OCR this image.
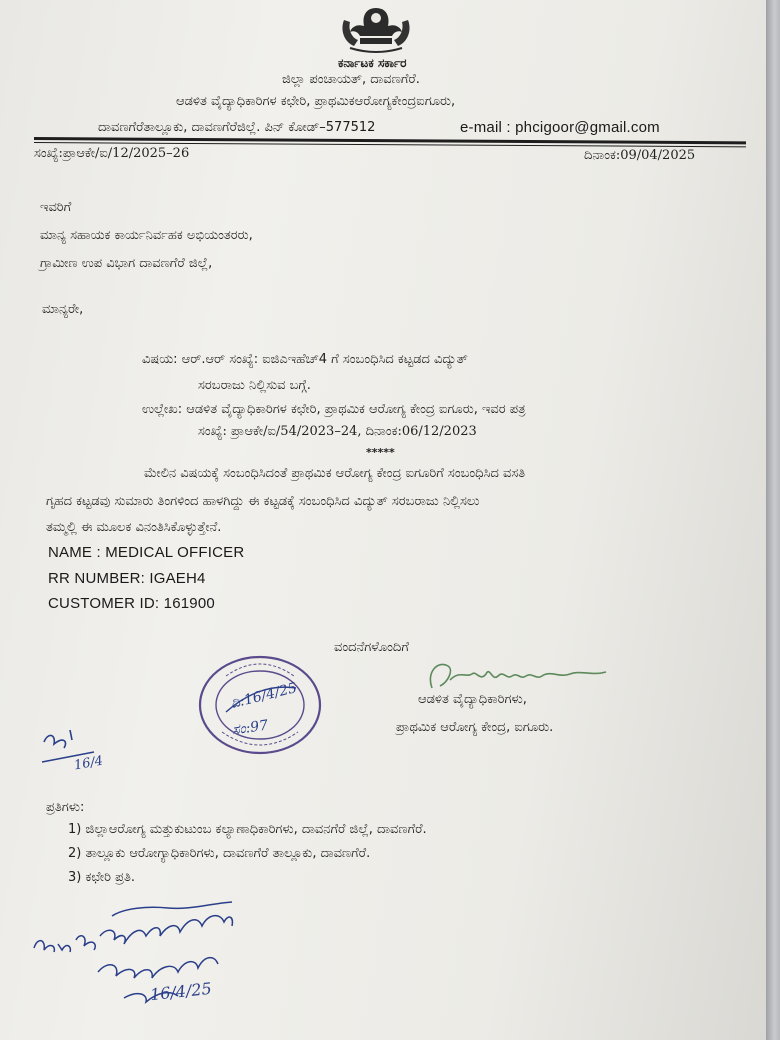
ಕರ್ನಾಟಕ ಸರ್ಕಾರ
ಜಿಲ್ಲಾ ಪಂಚಾಯತ್, ದಾವಣಗೆರೆ.
ಆಡಳಿತ ವೈದ್ಯಾಧಿಕಾರಿಗಳ ಕಛೇರಿ, ಪ್ರಾಥಮಿಕಆರೋಗ್ಯಕೇಂದ್ರಐಗೂರು,
ದಾವಣಗೆರೆತಾಲ್ಲೂಕು, ದಾವಣಗೆರೆಜಿಲ್ಲೆ. ಪಿನ್ ಕೋಡ್–577512	e-mail : phcigoor@gmail.com
ಸಂಖ್ಯೆ:ಪ್ರಾಆಕೇ/ಐ/12/2025–26	ದಿನಾಂಕ:09/04/2025
ಇವರಿಗೆ
ಮಾನ್ಯ ಸಹಾಯಕ ಕಾರ್ಯನಿರ್ವಹಕ ಅಭಿಯಂತರರು,
ಗ್ರಾಮೀಣ ಉಪ ವಿಭಾಗ ದಾವಣಗೆರೆ ಜಿಲ್ಲೆ,
ಮಾನ್ಯರೇ,
ವಿಷಯ: ಆರ್.ಆರ್ ಸಂಖ್ಯೆ: ಐಜಿಎಇಹೆಚ್4 ಗೆ ಸಂಬಂಧಿಸಿದ ಕಟ್ಟಡದ ವಿದ್ಯುತ್
ಸರಬರಾಜು ನಿಲ್ಲಿಸುವ ಬಗ್ಗೆ.
ಉಲ್ಲೇಖ: ಆಡಳಿತ ವೈದ್ಯಾಧಿಕಾರಿಗಳ ಕಛೇರಿ, ಪ್ರಾಥಮಿಕ ಆರೋಗ್ಯ ಕೇಂದ್ರ ಐಗೂರು, ಇವರ ಪತ್ರ
ಸಂಖ್ಯೆ: ಪ್ರಾಆಕೇ/ಐ/54/2023–24, ದಿನಾಂಕ:06/12/2023
*****
ಮೇಲಿನ ವಿಷಯಕ್ಕೆ ಸಂಬಂಧಿಸಿದಂತೆ ಪ್ರಾಥಮಿಕ ಆರೋಗ್ಯ ಕೇಂದ್ರ ಐಗೂರಿಗೆ ಸಂಬಂಧಿಸಿದ ವಸತಿ
ಗೃಹದ ಕಟ್ಟಡವು ಸುಮಾರು ತಿಂಗಳಿಂದ ಹಾಳಗಿದ್ದು ಈ ಕಟ್ಟಡಕ್ಕೆ ಸಂಬಂಧಿಸಿದ ವಿದ್ಯುತ್ ಸರಬರಾಜು ನಿಲ್ಲಿಸಲು
ತಮ್ಮಲ್ಲಿ ಈ ಮೂಲಕ ವಿನಂತಿಸಿಕೊಳ್ಳುತ್ತೇನೆ.
NAME : MEDICAL OFFICER
RR NUMBER: IGAEH4
CUSTOMER ID: 161900
ವಂದನೆಗಳೊಂದಿಗೆ
ಆಡಳಿತ ವೈದ್ಯಾಧಿಕಾರಿಗಳು,
ಪ್ರಾಥಮಿಕ ಆರೋಗ್ಯ ಕೇಂದ್ರ, ಐಗೂರು.
ದಿ:16/4/25
ಸಂ:97
16/4
ಪ್ರತಿಗಳು:
1) ಜಿಲ್ಲಾಆರೋಗ್ಯ ಮತ್ತುಕುಟುಂಬ ಕಲ್ಯಾಣಾಧಿಕಾರಿಗಳು, ದಾವನಗೆರೆ ಜಿಲ್ಲೆ, ದಾವಣಗೆರೆ.
2) ತಾಲ್ಲೂಕು ಆರೋಗ್ಯಾಧಿಕಾರಿಗಳು, ದಾವಣಗೆರೆ ತಾಲ್ಲೂಕು, ದಾವಣಗೆರೆ.
3) ಕಛೇರಿ ಪ್ರತಿ.
16/4/25
